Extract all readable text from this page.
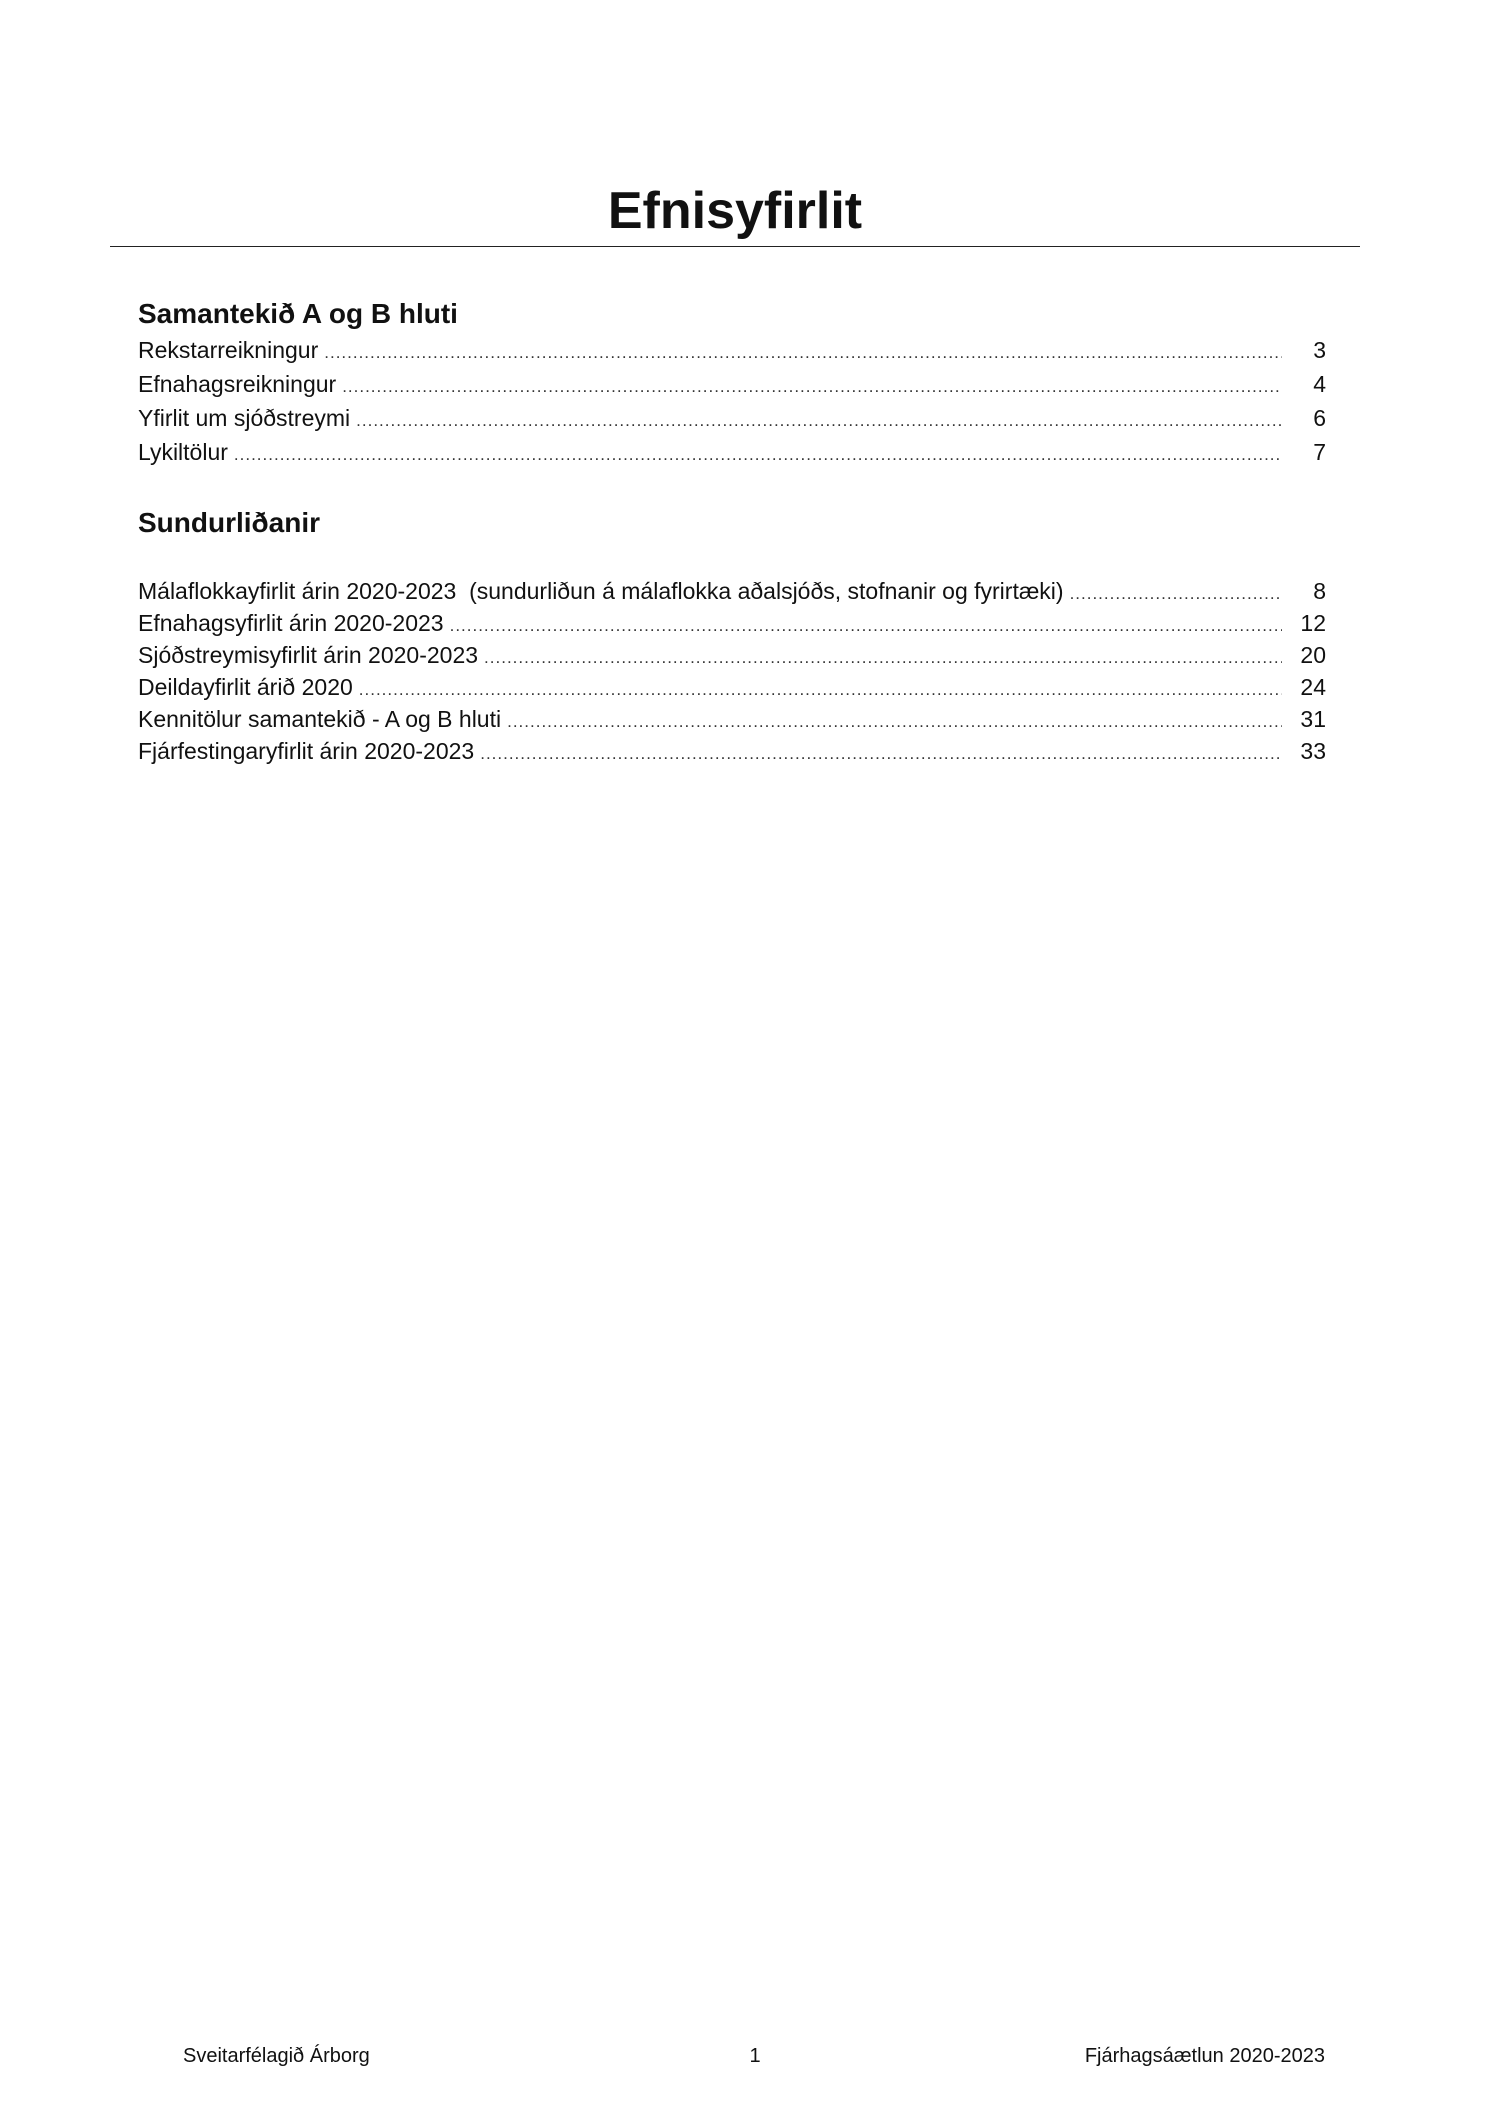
Efnisyfirlit
Samantekið A og B hluti
Rekstarreikningur .....	3
Efnahagsreikningur .....	4
Yfirlit um sjóðstreymi .....	6
Lykiltölur .....	7
Sundurliðanir
Málaflokkayfirlit árin 2020-2023  (sundurliðun á málaflokka aðalsjóðs, stofnanir og fyrirtæki) .....	8
Efnahagsyfirlit árin 2020-2023 .....	12
Sjóðstreymisyfirlit árin 2020-2023 .....	20
Deildayfirlit árið 2020 .....	24
Kennitölur samantekið - A og B hluti .....	31
Fjárfestingaryfirlit árin 2020-2023 .....	33
Sveitarfélagið Árborg	1	Fjárhagsáætlun 2020-2023
